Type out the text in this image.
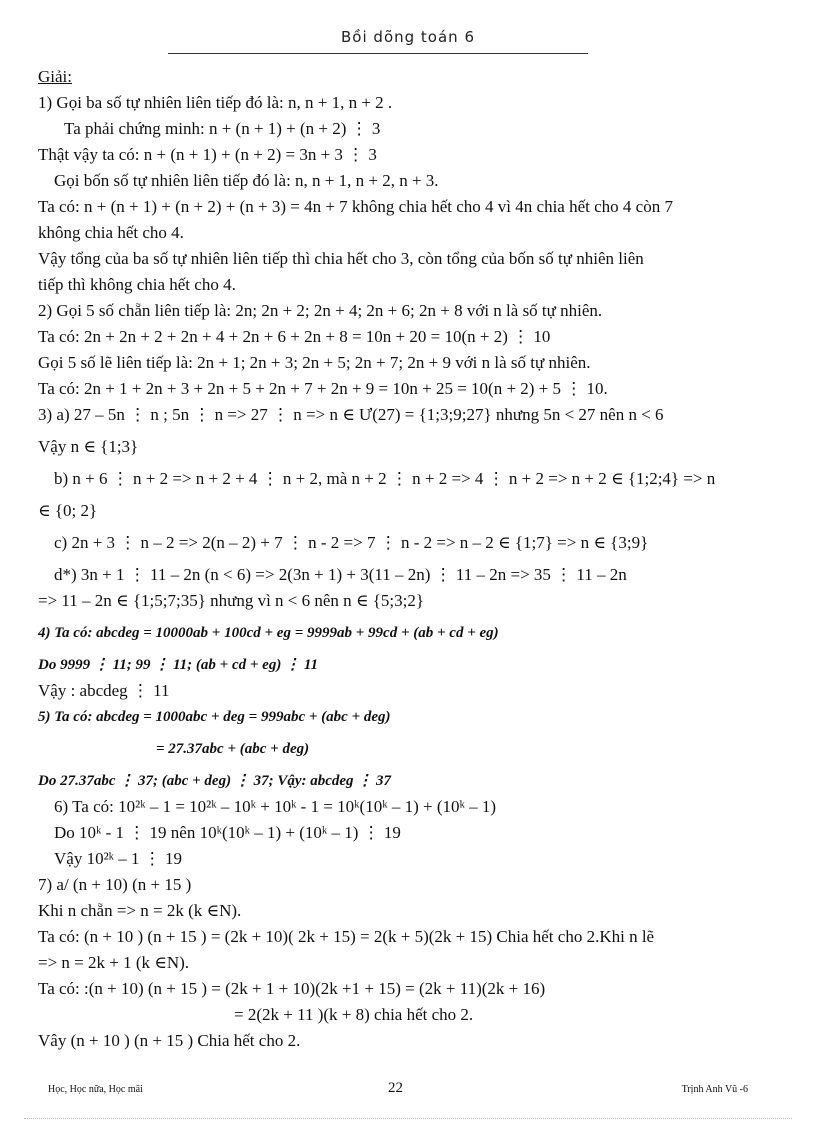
Bồi dõng toán 6
Giải:
1) Gọi ba số tự nhiên liên tiếp đó là: n, n + 1, n + 2 .
Ta phải chứng minh: n + (n + 1) + (n + 2) ⋮ 3
Thật vậy ta có: n + (n + 1) + (n + 2) = 3n + 3 ⋮ 3
Gọi bốn số tự nhiên liên tiếp đó là: n, n + 1, n + 2, n + 3.
Ta có: n + (n + 1) + (n + 2) + (n + 3) = 4n + 7 không chia hết cho 4 vì 4n chia hết cho 4 còn 7
không chia hết cho 4.
Vậy tổng của ba số tự nhiên liên tiếp thì chia hết cho 3, còn tổng của bốn số tự nhiên liên
tiếp thì không chia hết cho 4.
2) Gọi 5 số chẵn liên tiếp là: 2n; 2n + 2; 2n + 4; 2n + 6; 2n + 8 với n là số tự nhiên.
Ta có: 2n + 2n + 2 + 2n + 4 + 2n + 6 + 2n + 8 = 10n + 20 = 10(n + 2) ⋮ 10
Gọi 5 số lẽ liên tiếp là: 2n + 1; 2n + 3; 2n + 5; 2n + 7; 2n + 9 với n là số tự nhiên.
Ta có: 2n + 1 + 2n + 3 + 2n + 5 + 2n + 7 + 2n + 9 = 10n + 25 = 10(n + 2) + 5 ⋮ 10.
3) a) 27 – 5n ⋮ n ; 5n ⋮ n => 27 ⋮ n => n ∈ Ư(27) = {1;3;9;27} nhưng 5n < 27 nên n < 6
Vậy n ∈ {1;3}
b) n + 6 ⋮ n + 2 => n + 2 + 4 ⋮ n + 2, mà n + 2 ⋮ n + 2 => 4 ⋮ n + 2 => n + 2 ∈ {1;2;4} => n
∈ {0; 2}
c) 2n + 3 ⋮ n – 2 => 2(n – 2) + 7 ⋮ n - 2 => 7 ⋮ n - 2 => n – 2 ∈ {1;7} => n ∈ {3;9}
d*) 3n + 1 ⋮ 11 – 2n (n < 6) => 2(3n + 1) + 3(11 – 2n) ⋮ 11 – 2n => 35 ⋮ 11 – 2n
=> 11 – 2n ∈ {1;5;7;35} nhưng vì n < 6 nên n ∈ {5;3;2}
4) Ta có: abcdeg = 10000ab + 100cd + eg = 9999ab + 99cd + (ab + cd + eg)
Do 9999 ⋮ 11; 99 ⋮ 11; (ab + cd + eg) ⋮ 11
Vậy : abcdeg ⋮ 11
5) Ta có: abcdeg = 1000abc + deg = 999abc + (abc + deg)
= 27.37abc + (abc + deg)
Do 27.37abc ⋮ 37; (abc + deg) ⋮ 37; Vậy: abcdeg ⋮ 37
6) Ta có: 10²ᵏ – 1 = 10²ᵏ – 10ᵏ + 10ᵏ - 1 = 10ᵏ(10ᵏ – 1) + (10ᵏ – 1)
Do 10ᵏ - 1 ⋮ 19 nên 10ᵏ(10ᵏ – 1) + (10ᵏ – 1) ⋮ 19
Vậy 10²ᵏ – 1 ⋮ 19
7) a/ (n + 10) (n + 15 )
Khi n chẵn => n = 2k (k ∈N).
Ta có: (n + 10 ) (n + 15 ) = (2k + 10)( 2k + 15) = 2(k + 5)(2k + 15) Chia hết cho 2.Khi n lẽ
=> n = 2k + 1 (k ∈N).
Ta có: :(n + 10) (n + 15 ) = (2k + 1 + 10)(2k +1 + 15) = (2k + 11)(2k + 16)
= 2(2k + 11 )(k + 8) chia hết cho 2.
Vây (n + 10 ) (n + 15 ) Chia hết cho 2.
Học, Học nữa, Học mãi	22	Trịnh Anh Vũ -6
